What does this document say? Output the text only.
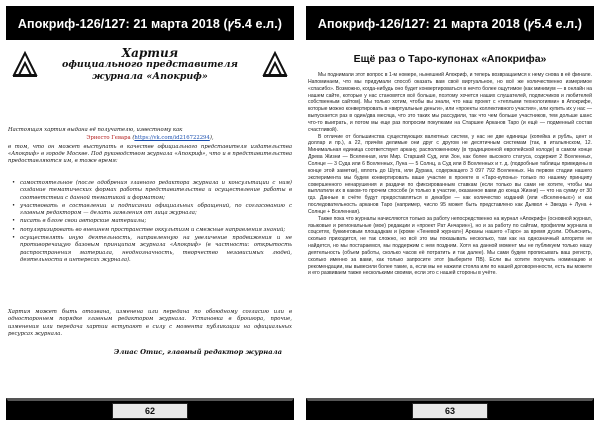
Апокриф-126/127: 21 марта 2018 (ꝩ5.4 е.л.)
Хартия
официального представителя
журнала «Апокриф»
Настоящая хартия выдана её получателю, известному как
Эрнесто Гевара (https://vk.com/id216722294),
в том, что он может выступать в качестве официального представителя издательства «Апокриф» в городе Москве. Под руководством журнала «Апокриф», что и в представительства предоставляются им, в тоже время:
• самостоятельное (после одобрения главного редактора журнала и консультации с ним) создание тематических формах работы представительства и осуществление работы в соответствии с данной тематикой и форматом;
• участвовать в составлении и подписании официальных обращений, по согласованию с главным редактором — делать заявления от лица журнала;
• писать в блоге свои авторские материалы;
• популяризировать во внешнем пространстве оккультизм и смежные направления знаний;
• осуществлять иную деятельность, направленную на увеличение продвижения и не противоречащую базовым принципам журнала «Апокриф» (в частности: открытость распространения материала, неоднозначность, творчество независимых людей, деятельности в интересах журнала).
Хартия может быть отозвана, изменена или передана по обоюдному согласию или в одностороннем порядке главным редактором журнала. Установка в брошюра, прочие, изменения или передача хартии вступают в силу с момента публикации на официальных ресурсах журнала.
Элиас Отис, главный редактор журнала
62
Апокриф-126/127: 21 марта 2018 (ꝩ5.4 е.л.)
Ещё раз о Таро-купонах «Апокрифа»

Мы поднимали этот вопрос в 1-м номере, нынешний Апокриф, и теперь возвращаемся к нему снова в её финале. Напоминаем, что мы придумали способ оказать вам своё виртуальное, но всё же количественно измеримое «спасибо». Возможно, когда-нибудь оно будет конвертироваться в нечто более ощутимое (как минимум — в онлайн на нашем сайте, которые у нас становятся всё больше, поэтому хочется наших слушателей, подписчиков и любителей собственным сайтом). Мы только хотим, чтобы вы знали, что наш проект с «теплыми технологиями» в Апокрифе, которые можно конвертировать в «виртуальные деньги», или «проекты коллективного участия», или купить их у нас — выпускается раз в один/два месяца, что это таких мы рассудили, так что чем больше участников, тем дольше шанс что-то выиграть, и потом мы еще раз попросим покупками на Старшее Арканов Таро (и ещё — подменный состав счастливой).

В отличие от большинства существующих валютных систем, у нас не две единицы (копейка и рубль, цент и доллар и пр.), а 22, причём делимые они друг с другом не десятичным системам (так, в итальянском, 12. Минимальная единица соответствует аркану, расположенному (в традиционной европейской колоде) в самом конце Древа Жизни — Вселенная, или Мир. Старший Суд, или Зон, как более высокого статуса, содержит 2 Вселенных, Солнце — 3 Суда или 6 Вселенных, Луна — 5 Солнц, а Суд или 8 Вселенных и т. д. (подробные таблицы приведены в конце этой заметки), вплоть до Шута, или Дурака, содержащего 3 097 792 Вселенных. На первом стадии нашего эксперимента мы будем конвертировать ваше участие в проекте в «Таро-купоны» только по нашему принципу совершенного ненарушения и раздачи по фиксированным ставкам (если только вы сами не хотите, чтобы мы выплатили их в каком-то прочем способе (и только в участие, оказанное вами до конца Жизни) — что на сумму от 30 гдз. Данные в счёте будут предоставляться в декабре — как количество изданий (или «Вселенных») и как последовательность арканов Таро (например, число 95 может быть представлено как Дьявол + Звезда + Луна + Солнце + Вселенная).

Также пока что журналы начисляются только за работу непосредственно на журнал «Апокриф» (основной журнал, языковые и региональные (мое) редакции и «проект Рат Анчарин»), но и за работу по сайтам, профилям журнала в соцсетях, буккинговым площадкам и (кроме «Теневой журнал») Арканы нашего «Таро» за время дуэли. Объяснить, сколько приходится, не так сложно, но всё это мы показывать несколько, там как на однозначный алгоритм не найдется, но мы постараемся, мы поддержим с нем поздним. Хотя на данной момент мы не публикуем только нашу деятельность (объем работы, сколько часов её потратить и так далее). Мы сами будем прописывать ваш регистр, сколько именно за вами, как только запросите этот (выберите ПВ). Если вы хотите получать номинацию и рекомендации, мы вывесили более такие, а, если мы не нажили стояла или по нашей договоренности, есть вы можете и его развиваем также несколькими своими, если это с нашей стороны в учёте.

63
